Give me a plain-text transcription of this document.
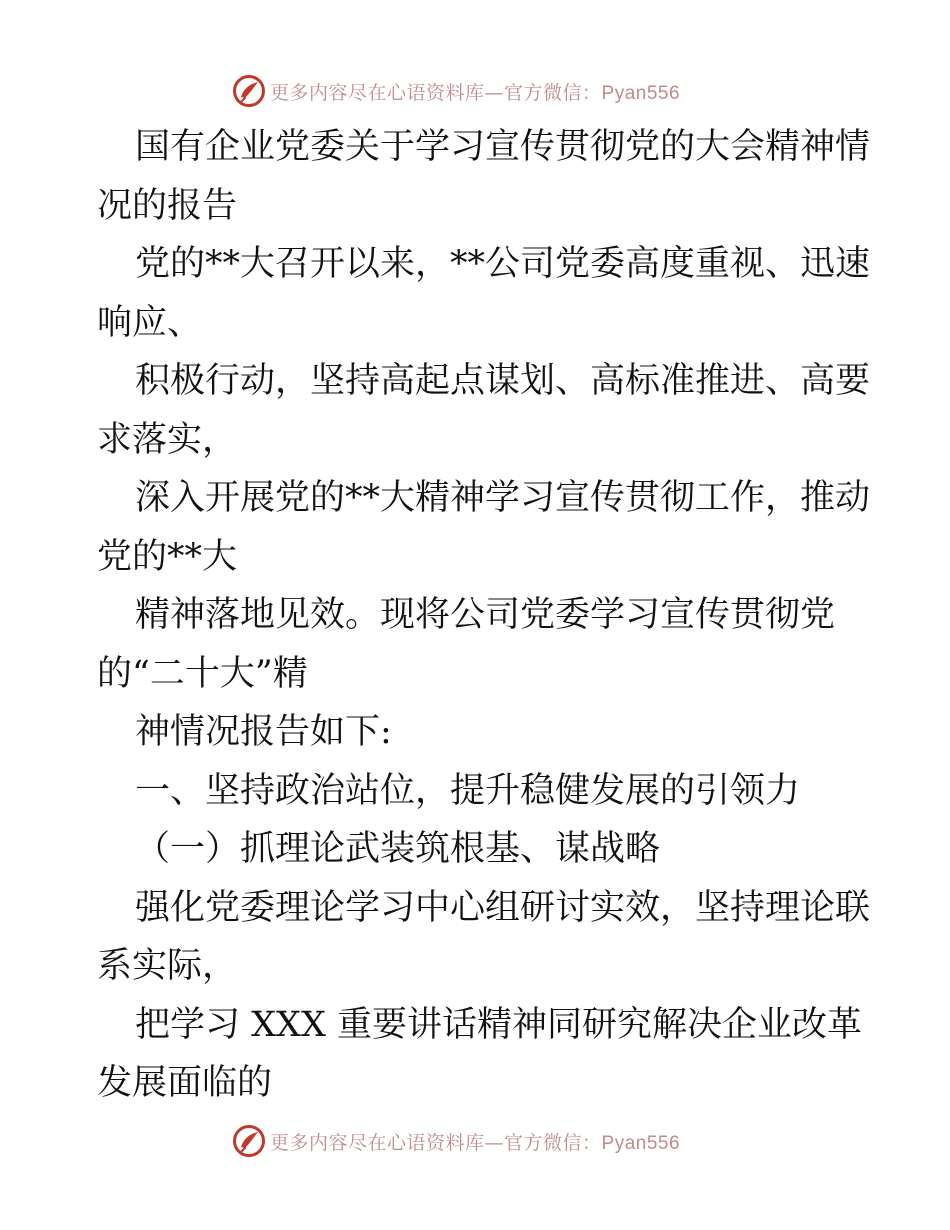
更多内容尽在心语资料库—官方微信：Pyan556
国有企业党委关于学习宣传贯彻党的大会精神情
况的报告
党的**大召开以来，**公司党委高度重视、迅速
响应、
积极行动，坚持高起点谋划、高标准推进、高要
求落实，
深入开展党的**大精神学习宣传贯彻工作，推动
党的**大
精神落地见效。现将公司党委学习宣传贯彻党
的“二十大”精
神情况报告如下:
一、坚持政治站位，提升稳健发展的引领力
（一）抓理论武装筑根基、谋战略
强化党委理论学习中心组研讨实效，坚持理论联
系实际，
把学习 XXX 重要讲话精神同研究解决企业改革
发展面临的
更多内容尽在心语资料库—官方微信：Pyan556
